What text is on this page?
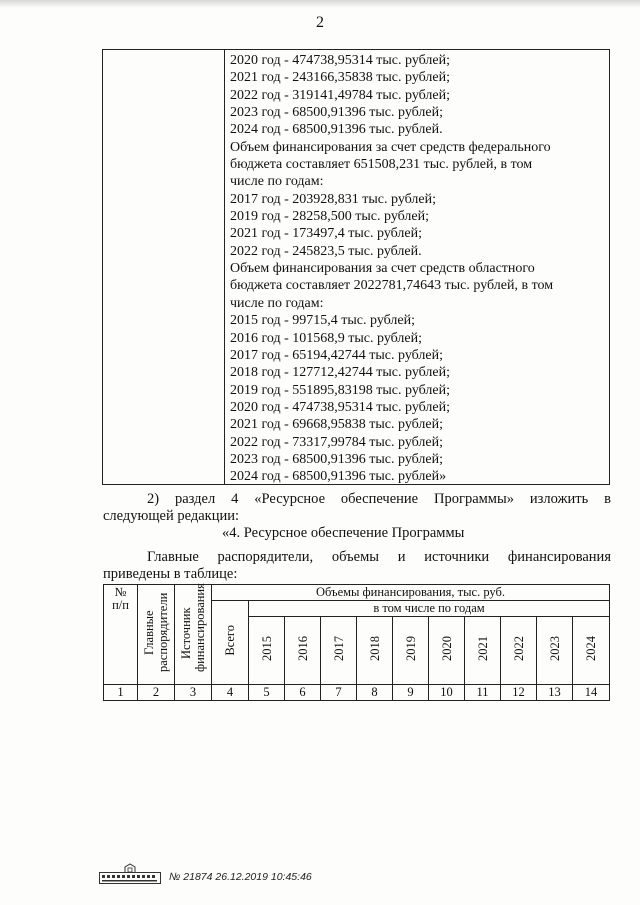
2
2020 год - 474738,95314 тыс. рублей;
2021 год - 243166,35838 тыс. рублей;
2022 год - 319141,49784 тыс. рублей;
2023 год - 68500,91396 тыс. рублей;
2024 год - 68500,91396 тыс. рублей.
Объем финансирования за счет средств федерального
бюджета составляет 651508,231 тыс. рублей, в том
числе по годам:
2017 год - 203928,831 тыс. рублей;
2019 год - 28258,500 тыс. рублей;
2021 год - 173497,4 тыс. рублей;
2022 год - 245823,5 тыс. рублей.
Объем финансирования за счет средств областного
бюджета составляет 2022781,74643 тыс. рублей, в том
числе по годам:
2015 год - 99715,4 тыс. рублей;
2016 год - 101568,9 тыс. рублей;
2017 год - 65194,42744 тыс. рублей;
2018 год - 127712,42744 тыс. рублей;
2019 год - 551895,83198 тыс. рублей;
2020 год - 474738,95314 тыс. рублей;
2021 год - 69668,95838 тыс. рублей;
2022 год - 73317,99784 тыс. рублей;
2023 год - 68500,91396 тыс. рублей;
2024 год - 68500,91396 тыс. рублей»
2) раздел 4 «Ресурсное обеспечение Программы» изложить в
следующей редакции:
«4. Ресурсное обеспечение Программы
Главные распорядители, объемы и источники финансирования
приведены в таблице:
№
п/п	Главные распорядители	Источник финансирования	Объемы финансирования, тыс. руб.										
			Всего	в том числе по годам									
				2015	2016	2017	2018	2019	2020	2021	2022	2023	2024
1	2	3	4	5	6	7	8	9	10	11	12	13	14
№ 21874 26.12.2019 10:45:46
